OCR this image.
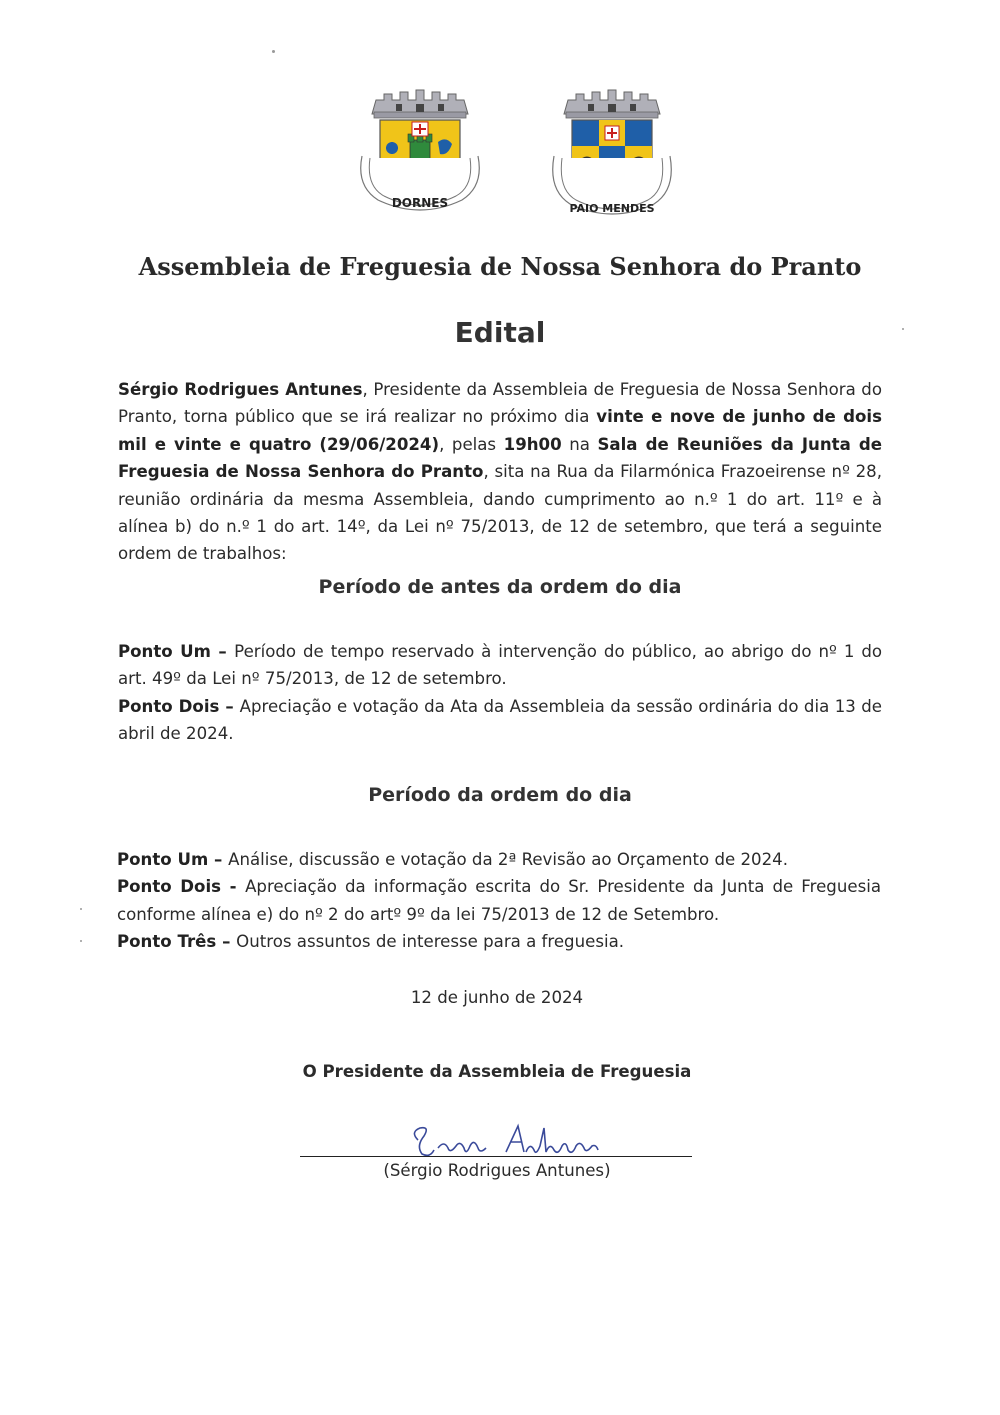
DORNES	PAIO MENDES
Assembleia de Freguesia de Nossa Senhora do Pranto
Edital
Sérgio Rodrigues Antunes, Presidente da Assembleia de Freguesia de Nossa Senhora do Pranto, torna público que se irá realizar no próximo dia vinte e nove de junho de dois mil e vinte e quatro (29/06/2024), pelas 19h00 na Sala de Reuniões da Junta de Freguesia de Nossa Senhora do Pranto, sita na Rua da Filarmónica Frazoeirense nº 28, reunião ordinária da mesma Assembleia, dando cumprimento ao n.º 1 do art. 11º e à alínea b) do n.º 1 do art. 14º, da Lei nº 75/2013, de 12 de setembro, que terá a seguinte ordem de trabalhos:
Período de antes da ordem do dia

Ponto Um – Período de tempo reservado à intervenção do público, ao abrigo do nº 1 do art. 49º da Lei nº 75/2013, de 12 de setembro.

Ponto Dois – Apreciação e votação da Ata da Assembleia da sessão ordinária do dia 13 de abril de 2024.

Período da ordem do dia

Ponto Um – Análise, discussão e votação da 2ª Revisão ao Orçamento de 2024.

Ponto Dois - Apreciação da informação escrita do Sr. Presidente da Junta de Freguesia conforme alínea e) do nº 2 do artº 9º da lei 75/2013 de 12 de Setembro.

Ponto Três – Outros assuntos de interesse para a freguesia.

12 de junho de 2024
O Presidente da Assembleia de Freguesia
(Sérgio Rodrigues Antunes)
